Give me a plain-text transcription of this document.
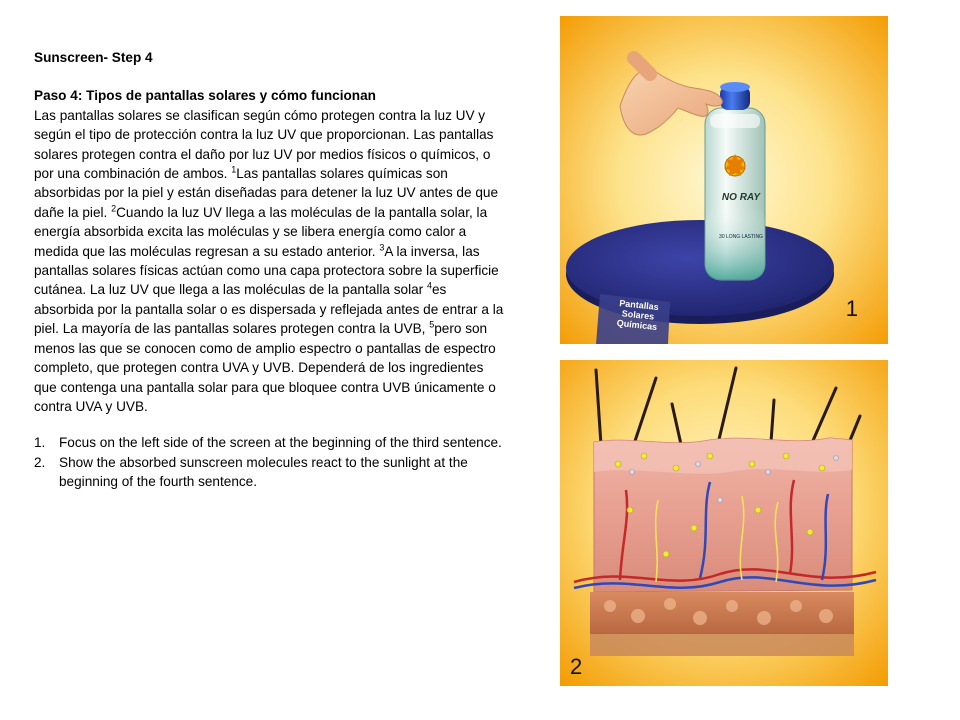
Sunscreen- Step 4

Paso 4: Tipos de pantallas solares y cómo funcionan

Las pantallas solares se clasifican según cómo protegen contra la luz UV y según el tipo de protección contra la luz UV que proporcionan. Las pantallas solares protegen contra el daño por luz UV por medios físicos o químicos, o por una combinación de ambos. $^1$Las pantallas solares químicas son absorbidas por la piel y están diseñadas para detener la luz UV antes de que dañe la piel. $^2$Cuando la luz UV llega a las moléculas de la pantalla solar, la energía absorbida excita las moléculas y se libera energía como calor a medida que las moléculas regresan a su estado anterior. $^3$A la inversa, las pantallas solares físicas actúan como una capa protectora sobre la superficie cutánea. La luz UV que llega a las moléculas de la pantalla solar $^4$es absorbida por la pantalla solar o es dispersada y reflejada antes de entrar a la piel. La mayoría de las pantallas solares protegen contra la UVB, $^5$pero son menos las que se conocen como de amplio espectro o pantallas de espectro completo, que protegen contra UVA y UVB. Dependerá de los ingredientes que contenga una pantalla solar para que bloquee contra UVB únicamente o contra UVA y UVB.

1. Focus on the left side of the screen at the beginning of the third sentence.
2. Show the absorbed sunscreen molecules react to the sunlight at the beginning of the fourth sentence.
NO RAY
30 LONG LASTING
Pantallas
Solares
Químicas
1
2
